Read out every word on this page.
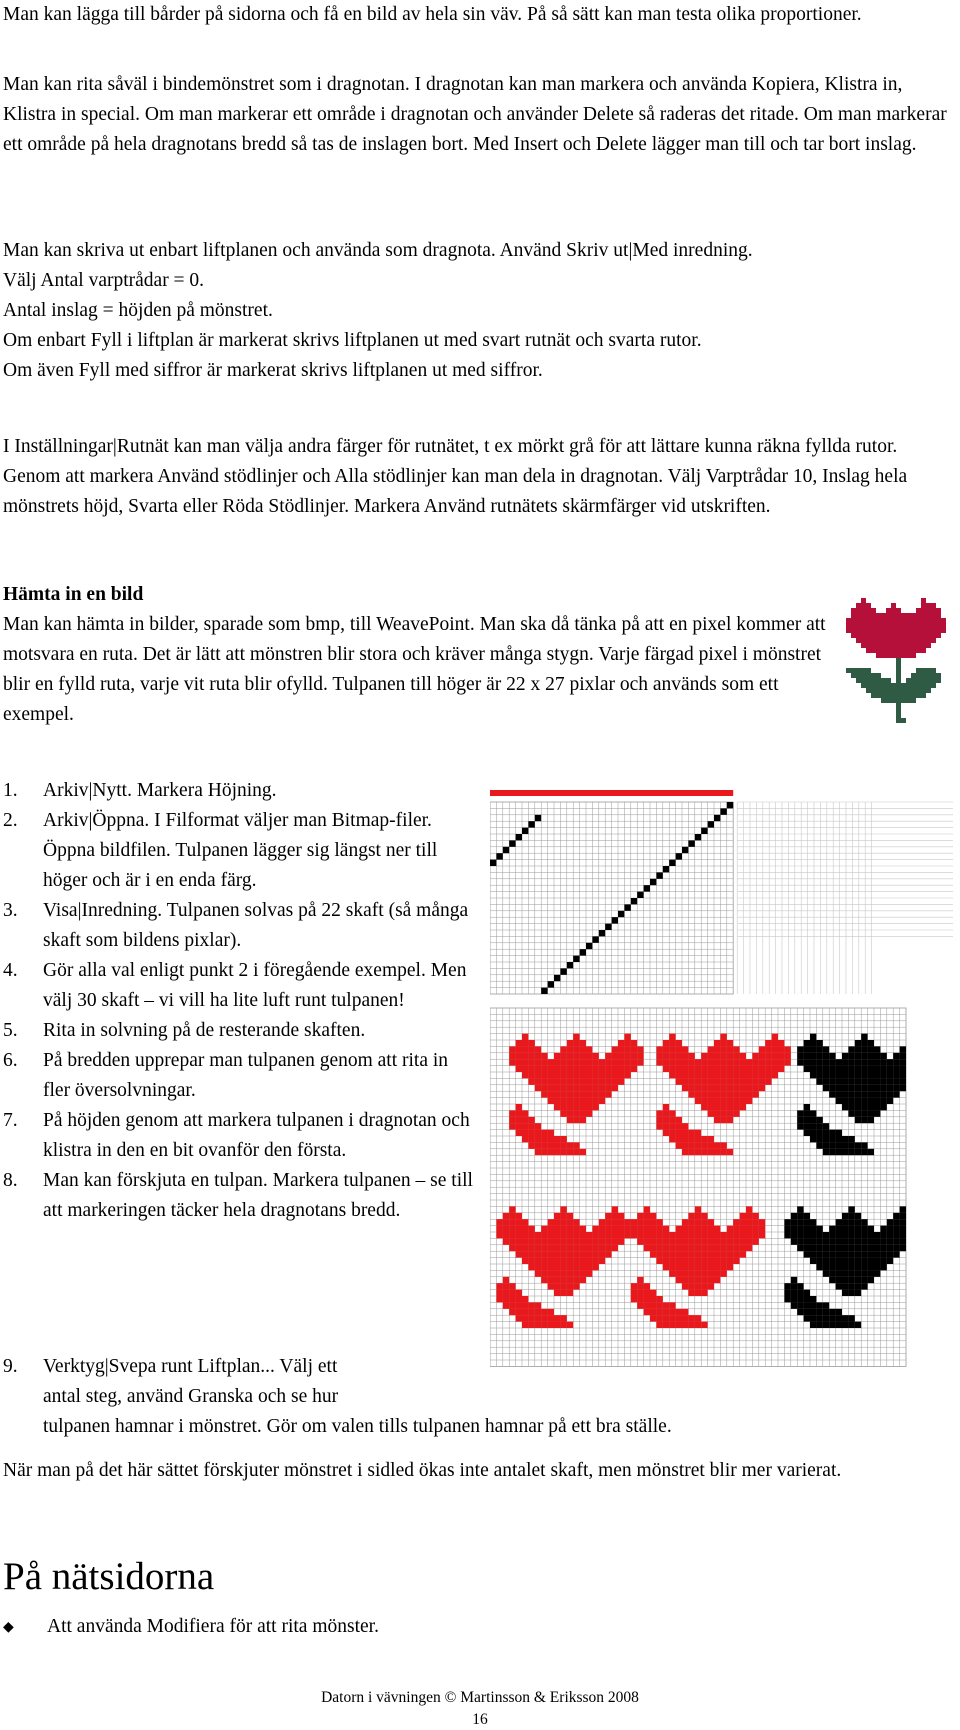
Man kan lägga till bårder på sidorna och få en bild av hela sin väv. På så sätt kan man testa olika proportioner.

Man kan rita såväl i bindemönstret som i dragnotan. I dragnotan kan man markera och använda Kopiera, Klistra in, Klistra in special. Om man markerar ett område i dragnotan och använder Delete så raderas det ritade. Om man markerar ett område på hela dragnotans bredd så tas de inslagen bort. Med Insert och Delete lägger man till och tar bort inslag.

Man kan skriva ut enbart liftplanen och använda som dragnota. Använd Skriv ut|Med inredning.
Välj Antal varptrådar = 0.
Antal inslag = höjden på mönstret.
Om enbart Fyll i liftplan är markerat skrivs liftplanen ut med svart rutnät och svarta rutor.
Om även Fyll med siffror är markerat skrivs liftplanen ut med siffror.

I Inställningar|Rutnät kan man välja andra färger för rutnätet, t ex mörkt grå för att lättare kunna räkna fyllda rutor. Genom att markera Använd stödlinjer och Alla stödlinjer kan man dela in dragnotan. Välj Varptrådar 10, Inslag hela mönstrets höjd, Svarta eller Röda Stödlinjer. Markera Använd rutnätets skärmfärger vid utskriften.

Hämta in en bild

Man kan hämta in bilder, sparade som bmp, till WeavePoint. Man ska då tänka på att en pixel kommer att motsvara en ruta. Det är lätt att mönstren blir stora och kräver många stygn. Varje färgad pixel i mönstret blir en fylld ruta, varje vit ruta blir ofylld. Tulpanen till höger är 22 x 27 pixlar och används som ett exempel.

1. Arkiv|Nytt. Markera Höjning.
2. Arkiv|Öppna. I Filformat väljer man Bitmap-filer. Öppna bildfilen. Tulpanen lägger sig längst ner till höger och är i en enda färg.
3. Visa|Inredning. Tulpanen solvas på 22 skaft (så många skaft som bildens pixlar).
4. Gör alla val enligt punkt 2 i föregående exempel. Men välj 30 skaft – vi vill ha lite luft runt tulpanen!
5. Rita in solvning på de resterande skaften.
6. På bredden upprepar man tulpanen genom att rita in fler översolvningar.
7. På höjden genom att markera tulpanen i dragnotan och klistra in den en bit ovanför den första.
8. Man kan förskjuta en tulpan. Markera tulpanen – se till att markeringen täcker hela dragnotans bredd.
9. Verktyg|Svepa runt Liftplan... Välj ett
antal steg, använd Granska och se hur
tulpanen hamnar i mönstret. Gör om valen tills tulpanen hamnar på ett bra ställe.

När man på det här sättet förskjuter mönstret i sidled ökas inte antalet skaft, men mönstret blir mer varierat.

På nätsidorna
◆ Att använda Modifiera för att rita mönster.
Datorn i vävningen © Martinsson & Eriksson 2008
16
